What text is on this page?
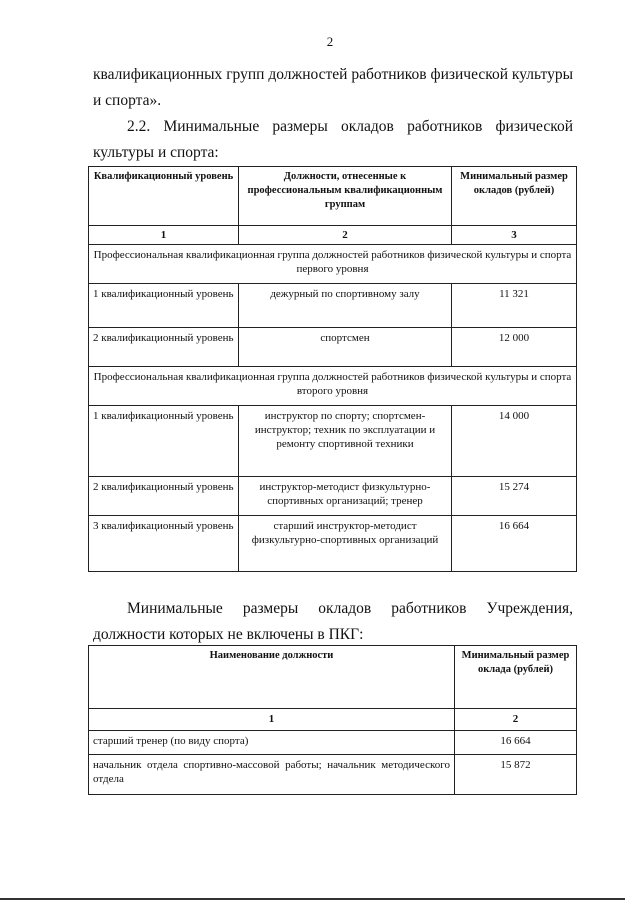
2
квалификационных групп должностей работников физической культуры и спорта».
2.2. Минимальные размеры окладов работников физической культуры и спорта:
Квалификационный уровень	Должности, отнесенные к профессиональным квалификационным группам	Минимальный размер окладов (рублей)
1	2	3
Профессиональная квалификационная группа должностей работников физической культуры и спорта первого уровня		
1 квалификационный уровень	дежурный по спортивному залу	11 321
2 квалификационный уровень	спортсмен	12 000
Профессиональная квалификационная группа должностей работников физической культуры и спорта второго уровня		
1 квалификационный уровень	инструктор по спорту; спортсмен-инструктор; техник по эксплуатации и ремонту спортивной техники	14 000
2 квалификационный уровень	инструктор-методист физкультурно-спортивных организаций; тренер	15 274
3 квалификационный уровень	старший инструктор-методист физкультурно-спортивных организаций	16 664
Минимальные размеры окладов работников Учреждения, должности которых не включены в ПКГ:
Наименование должности	Минимальный размер оклада (рублей)
1	2
старший тренер (по виду спорта)	16 664
начальник отдела спортивно-массовой работы; начальник методического отдела	15 872
